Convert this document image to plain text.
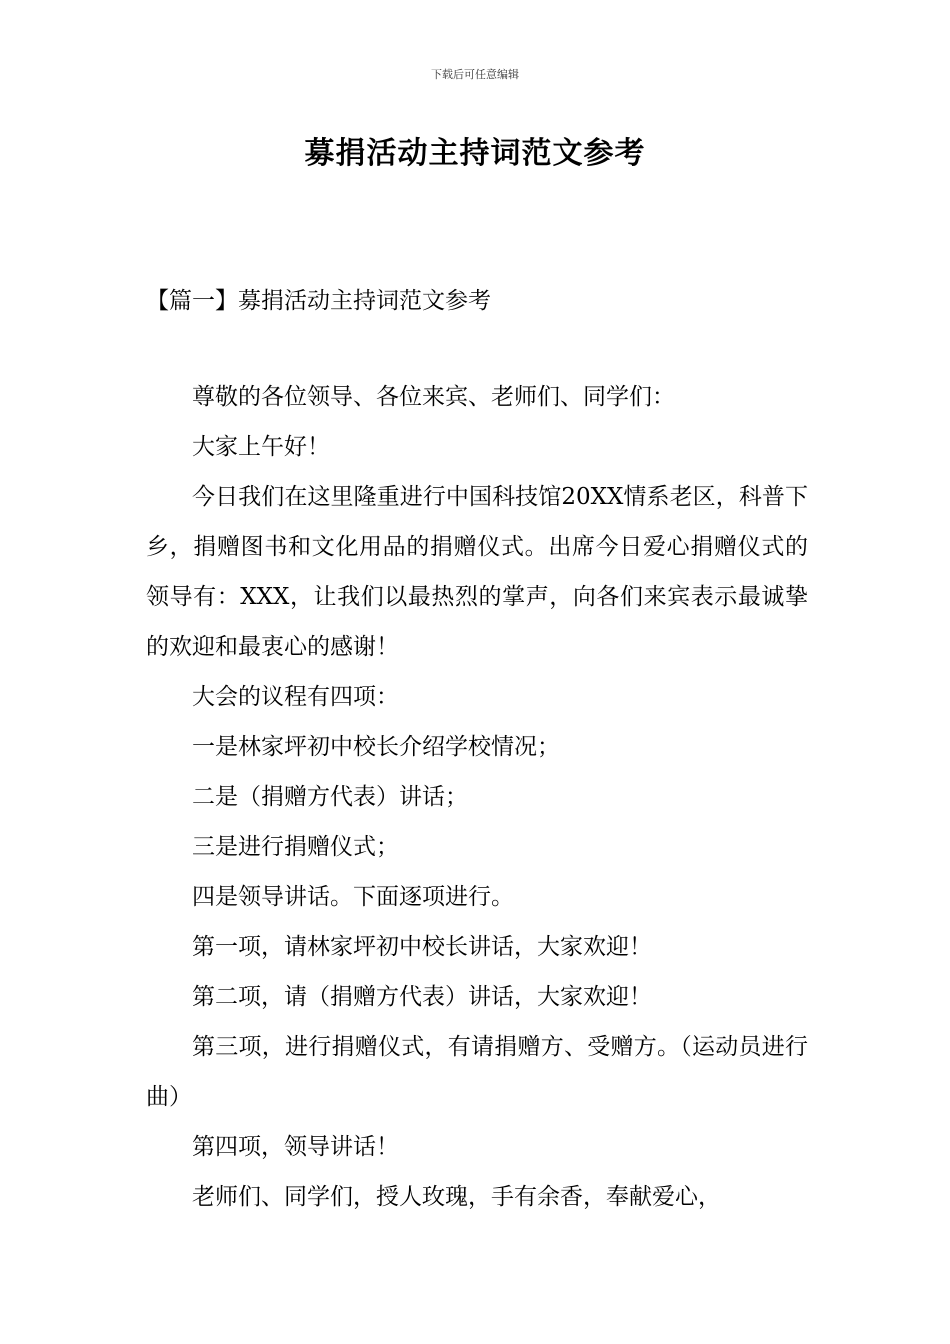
下载后可任意编辑
募捐活动主持词范文参考
【篇一】募捐活动主持词范文参考

尊敬的各位领导、各位来宾、老师们、同学们：

大家上午好！

今日我们在这里隆重进行中国科技馆20XX情系老区，科普下乡，捐赠图书和文化用品的捐赠仪式。出席今日爱心捐赠仪式的领导有：XXX，让我们以最热烈的掌声，向各们来宾表示最诚挚的欢迎和最衷心的感谢！

大会的议程有四项：

一是林家坪初中校长介绍学校情况；

二是（捐赠方代表）讲话；

三是进行捐赠仪式；

四是领导讲话。下面逐项进行。

第一项，请林家坪初中校长讲话，大家欢迎！

第二项，请（捐赠方代表）讲话，大家欢迎！

第三项，进行捐赠仪式，有请捐赠方、受赠方。（运动员进行曲）

第四项，领导讲话！

老师们、同学们，授人玫瑰，手有余香，奉献爱心，
